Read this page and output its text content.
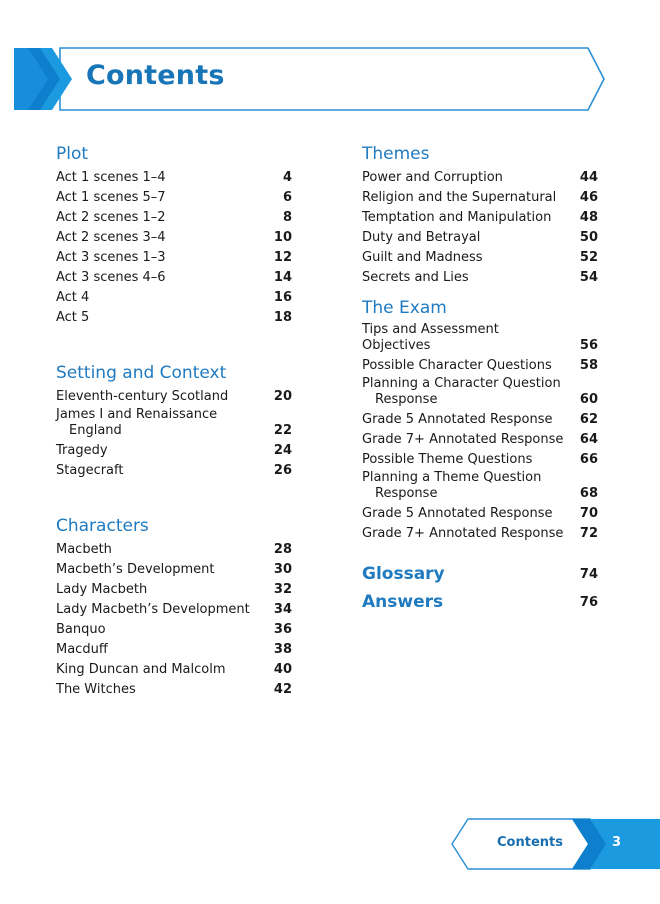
Contents
Plot
Act 1 scenes 1–4	4
Act 1 scenes 5–7	6
Act 2 scenes 1–2	8
Act 2 scenes 3–4	10
Act 3 scenes 1–3	12
Act 3 scenes 4–6	14
Act 4	16
Act 5	18
Setting and Context
Eleventh-century Scotland	20
James I and Renaissance
England	22
Tragedy	24
Stagecraft	26
Characters
Macbeth	28
Macbeth’s Development	30
Lady Macbeth	32
Lady Macbeth’s Development	34
Banquo	36
Macduff	38
King Duncan and Malcolm	40
The Witches	42
Themes
Power and Corruption	44
Religion and the Supernatural	46
Temptation and Manipulation	48
Duty and Betrayal	50
Guilt and Madness	52
Secrets and Lies	54
The Exam
Tips and Assessment Objectives	56
Possible Character Questions	58
Planning a Character Question
Response	60
Grade 5 Annotated Response	62
Grade 7+ Annotated Response	64
Possible Theme Questions	66
Planning a Theme Question
Response	68
Grade 5 Annotated Response	70
Grade 7+ Annotated Response	72
Glossary	74
Answers	76
Contents	3
